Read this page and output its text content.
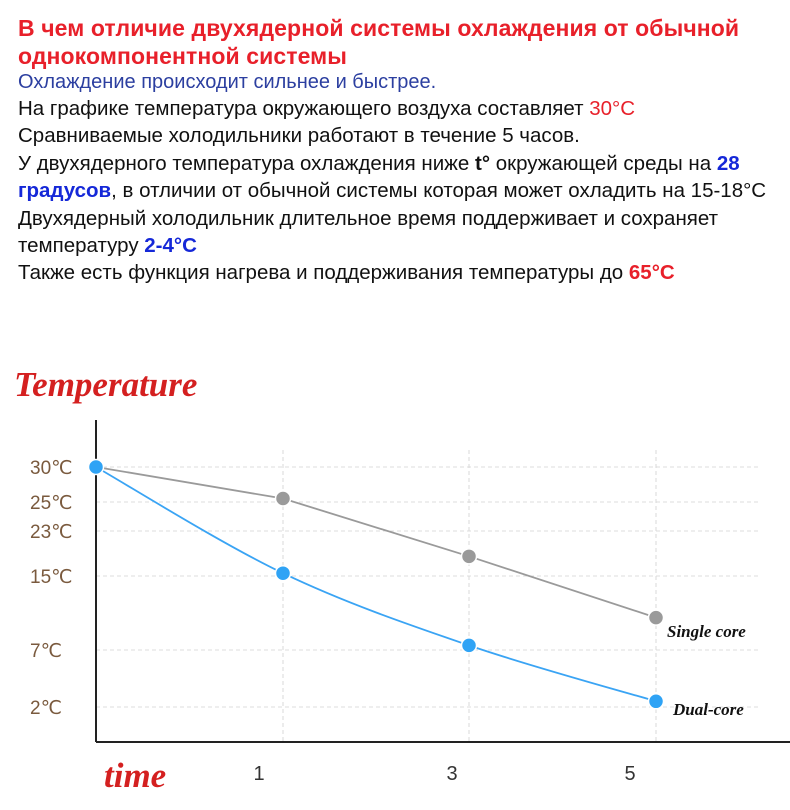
В чем отличие двухядерной системы охлаждения от обычной однокомпонентной системы

Охлаждение происходит сильнее и быстрее.

На графике температура окружающего воздуха составляет 30°C

Сравниваемые холодильники работают в течение 5 часов.

У двухядерного температура охлаждения ниже t° окружающей среды на 28 градусов, в отличии от обычной системы которая может охладить на 15-18°C

Двухядерный холодильник длительное время поддерживает и сохраняет температуру 2-4°C

Также есть функция нагрева и поддерживания температуры до 65°C

Temperature
time
30℃
25℃
23℃
15℃
7℃
2℃
1	3	5
Single core
Dual-core
